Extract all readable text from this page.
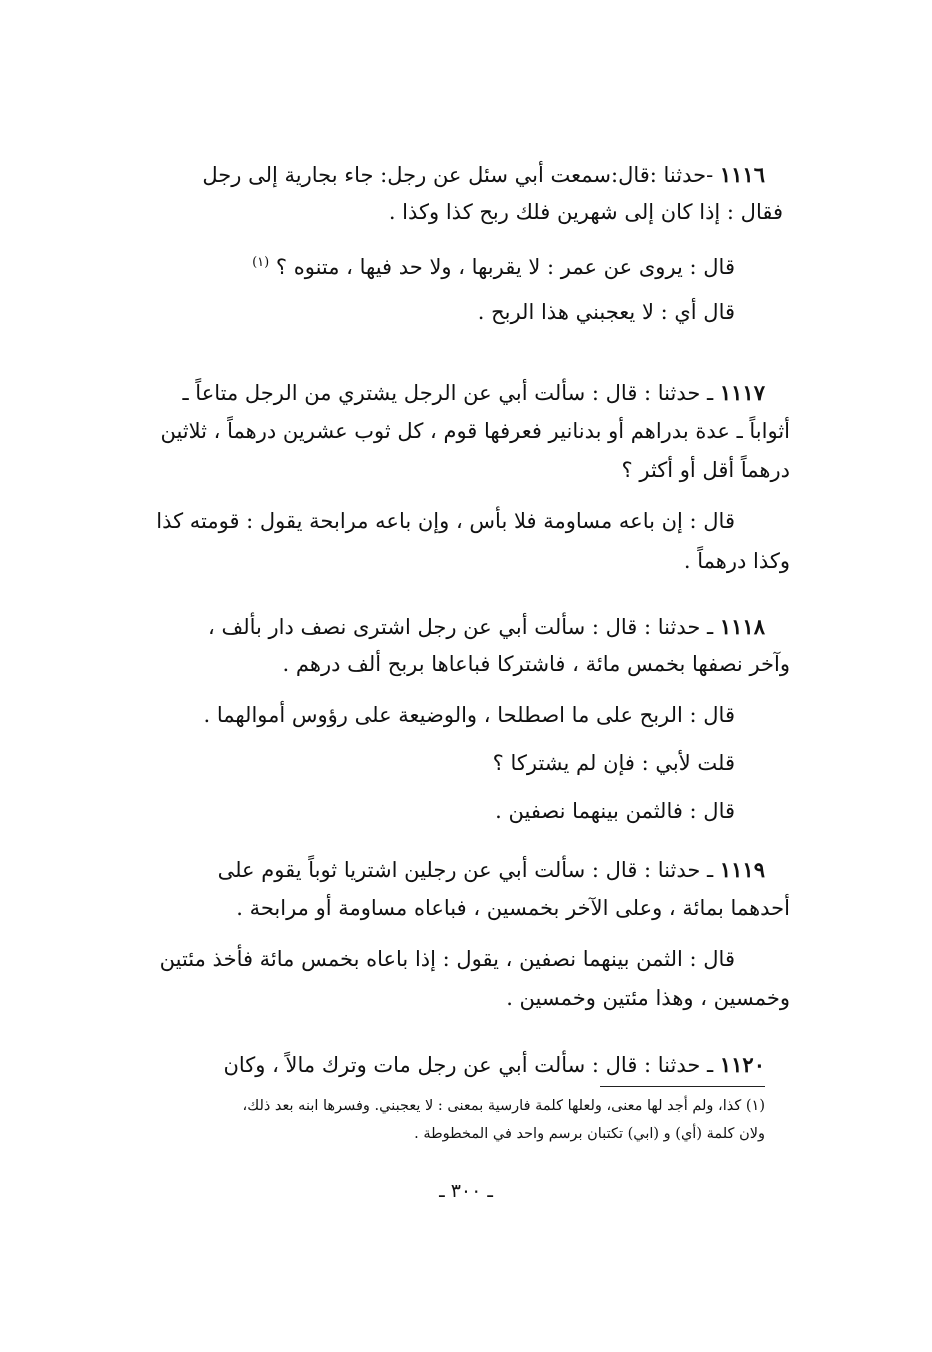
١١١٦ -حدثنا :قال:سمعت أبي سئل عن رجل: جاء بجارية إلى رجل
فقال : إذا كان إلى شهرين فلك ربح كذا وكذا .
قال : يروى عن عمر : لا يقربها ، ولا حد فيها ، متنوه ؟ $^{(١)}$
قال أي : لا يعجبني هذا الربح .
١١١٧ ـ حدثنا : قال : سألت أبي عن الرجل يشتري من الرجل متاعاً ـ
أثواباً ـ عدة بدراهم أو بدنانير فعرفها قوم ، كل ثوب عشرين درهماً ، ثلاثين
درهماً أقل أو أكثر ؟
قال : إن باعه مساومة فلا بأس ، وإن باعه مرابحة يقول : قومته كذا
وكذا درهماً .
١١١٨ ـ حدثنا : قال : سألت أبي عن رجل اشترى نصف دار بألف ،
وآخر نصفها بخمس مائة ، فاشتركا فباعاها بربح ألف درهم .
قال : الربح على ما اصطلحا ، والوضيعة على رؤوس أموالهما .
قلت لأبي : فإن لم يشتركا ؟
قال : فالثمن بينهما نصفين .
١١١٩ ـ حدثنا : قال : سألت أبي عن رجلين اشتريا ثوباً يقوم على
أحدهما بمائة ، وعلى الآخر بخمسين ، فباعاه مساومة أو مرابحة .
قال : الثمن بينهما نصفين ، يقول : إذا باعاه بخمس مائة فأخذ مئتين
وخمسين ، وهذا مئتين وخمسين .
١١٢٠ ـ حدثنا : قال : سألت أبي عن رجل مات وترك مالاً ، وكان
(١) كذا، ولم أجد لها معنى، ولعلها كلمة فارسية بمعنى : لا يعجبني. وفسرها ابنه بعد ذلك،
ولان كلمة (أي) و (ابي) تكتبان برسم واحد في المخطوطة .
ـ ٣٠٠ ـ
